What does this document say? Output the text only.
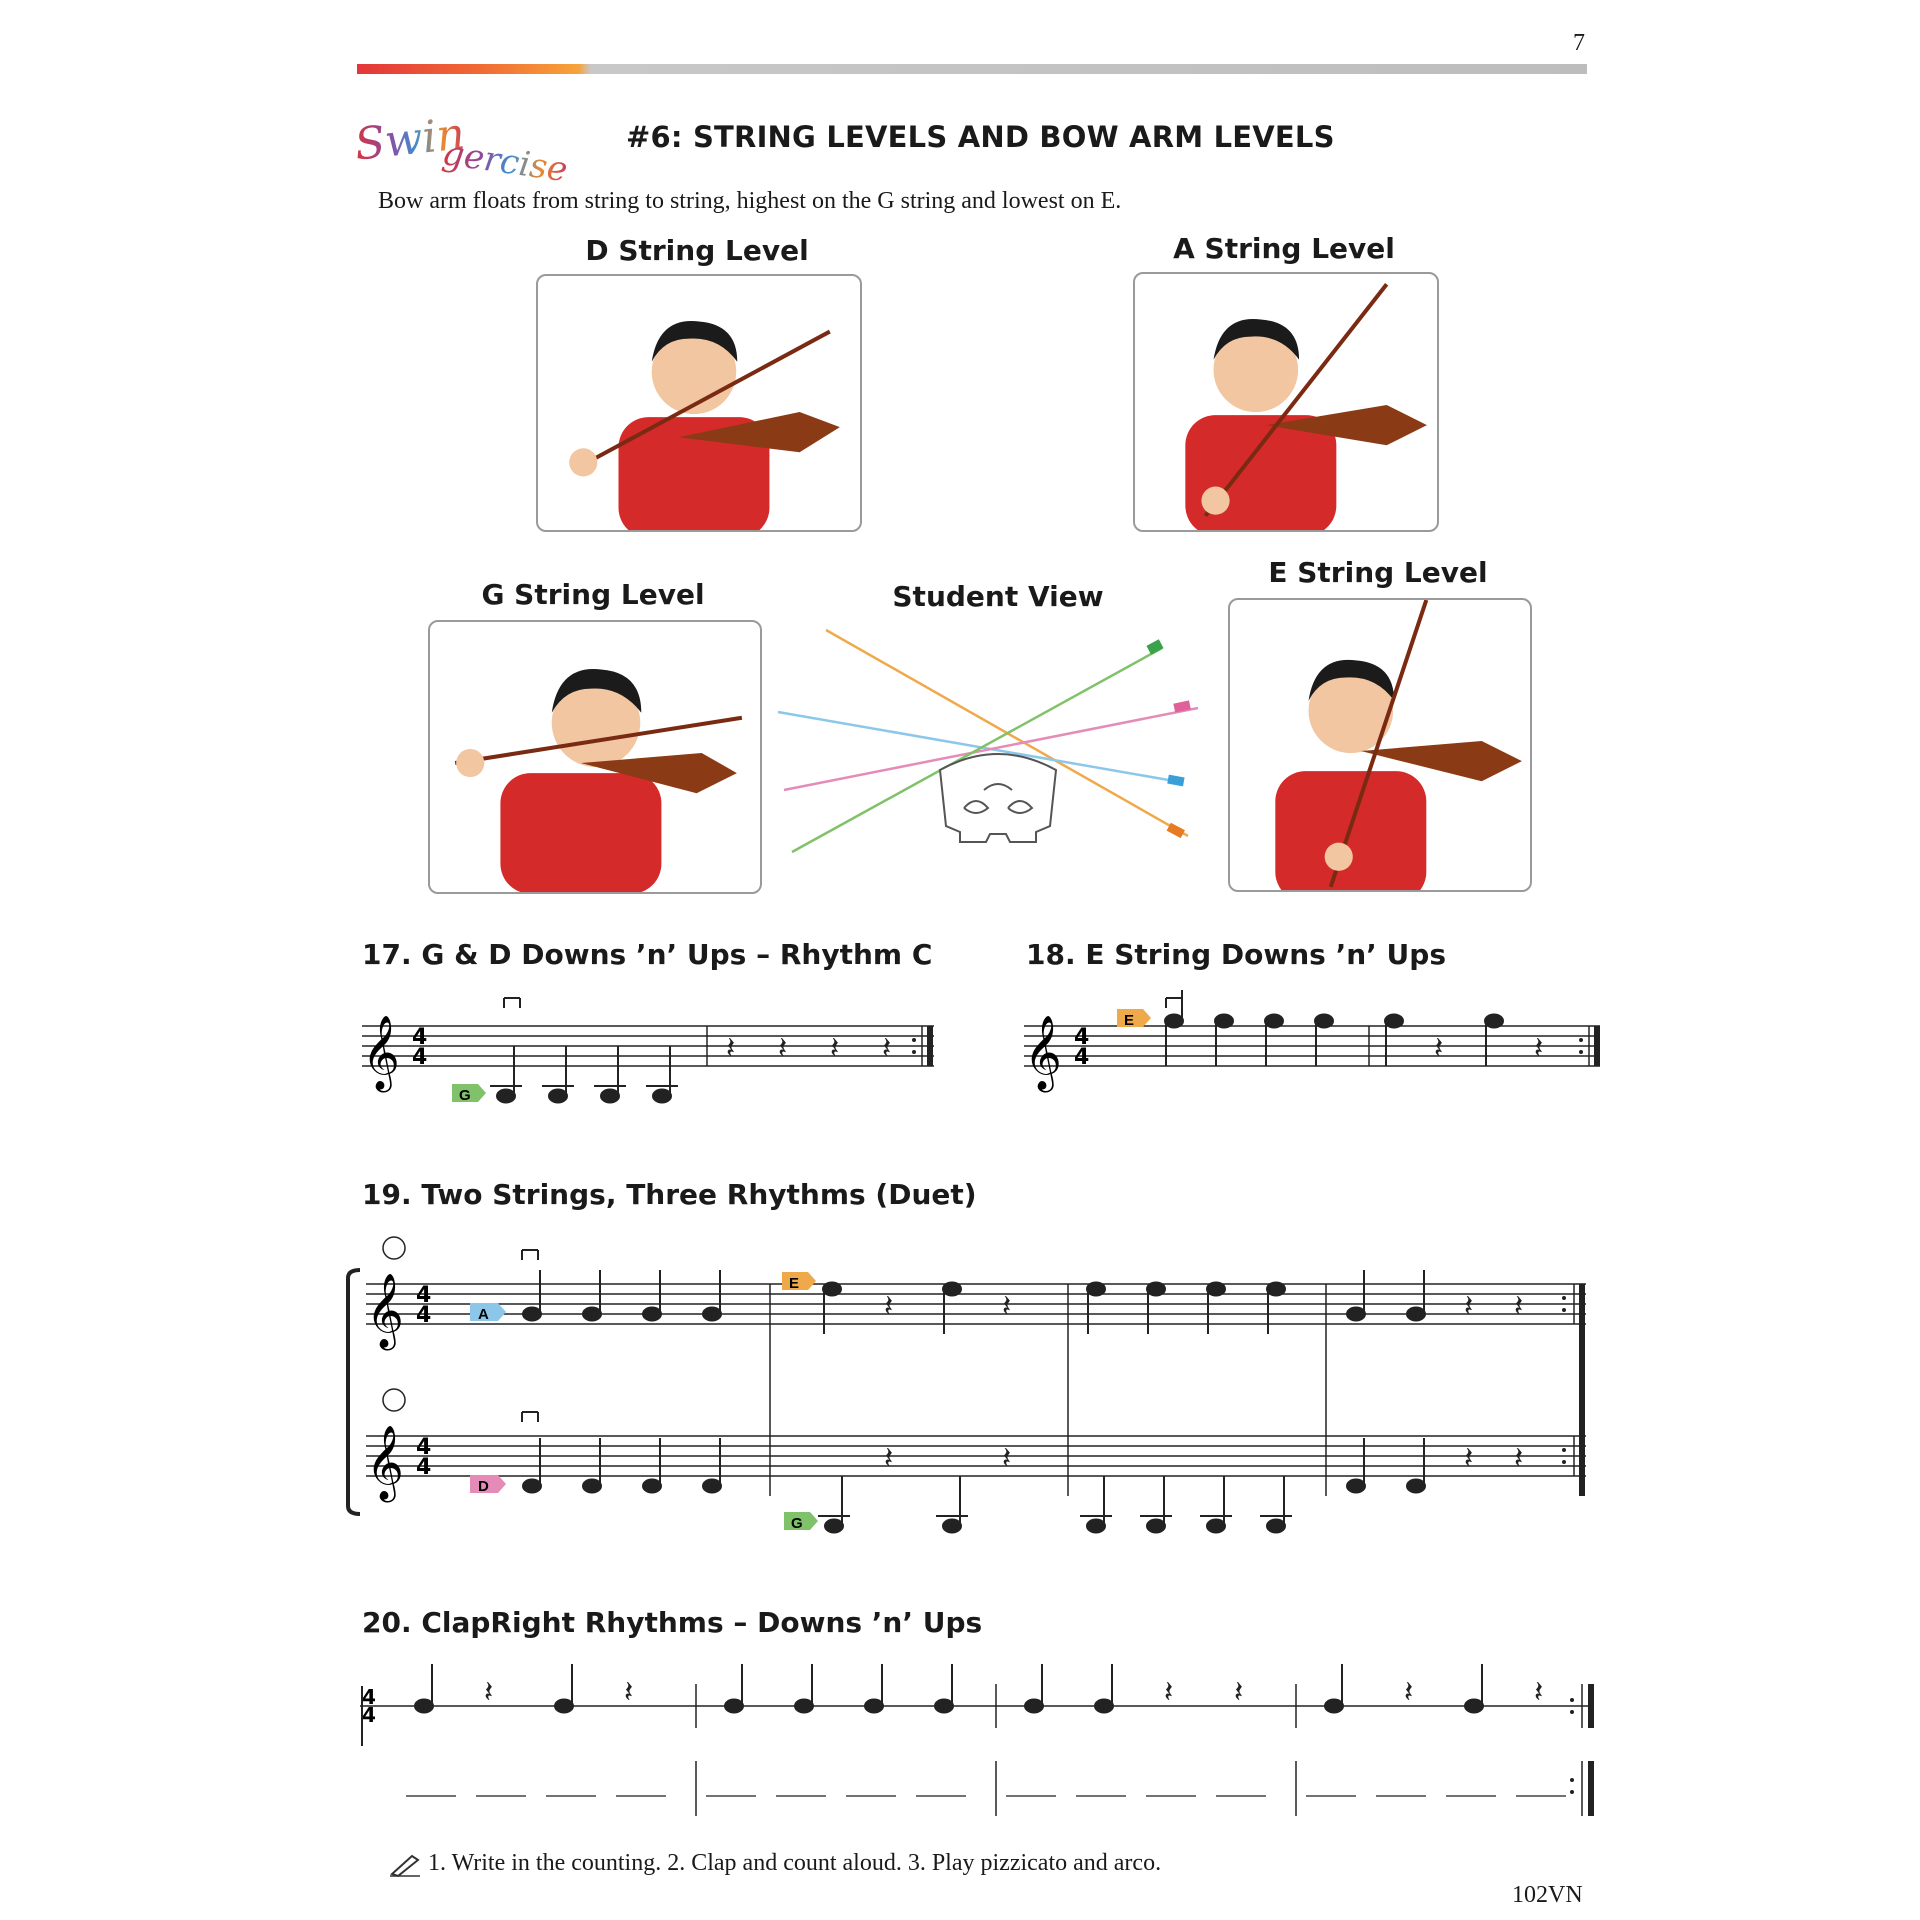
7
Swin
gercise #6: STRING LEVELS AND BOW ARM LEVELS
Bow arm floats from string to string, highest on the G string and lowest on E.
D String Level	A String Level
G String Level	Student View
E String Level
17. G & D Downs ’n’ Ups – Rhythm C
𝄞 4
4
G
𝄽 𝄽 𝄽 𝄽
18. E String Downs ’n’ Ups
𝄞 4
4
E
𝄽	𝄽
19. Two Strings, Three Rhythms (Duet)
𝄞 4
4	A
E
𝄽	𝄽	𝄽 𝄽
𝄞 4
4
D
G
𝄽	𝄽	𝄽 𝄽
20. ClapRight Rhythms – Downs ’n’ Ups
4
4
𝄽	𝄽	𝄽 𝄽	𝄽	𝄽
1. Write in the counting. 2. Clap and count aloud. 3. Play pizzicato and arco.
102VN
